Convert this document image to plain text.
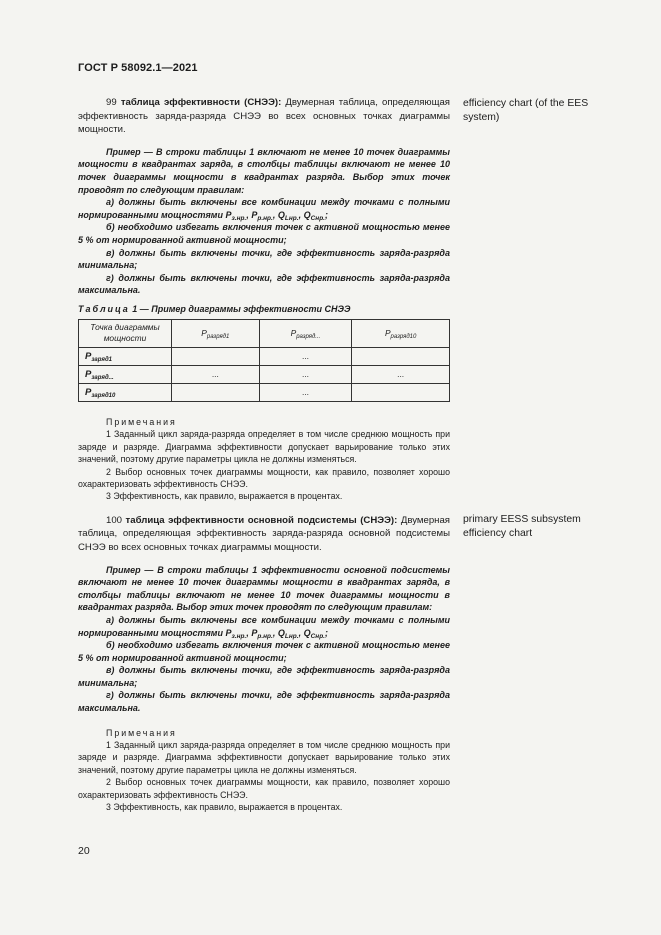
ГОСТ Р 58092.1—2021
efficiency chart (of the EES system)
primary EESS subsystem efficiency chart

99 таблица эффективности (СНЭЭ): Двумерная таблица, определяющая эффективность заряда-разряда СНЭЭ во всех основных точках диаграммы мощности.

Пример — В строки таблицы 1 включают не менее 10 точек диаграммы мощности в квадрантах заряда, в столбцы таблицы включают не менее 10 точек диаграммы мощности в квадрантах разряда. Выбор этих точек проводят по следующим правилам:

а) должны быть включены все комбинации между точками с полными нормированными мощностями $P_{з.нр.}$, $P_{р.нр.}$, $Q_{Lнр.}$, $Q_{Снр.}$;

б) необходимо избегать включения точек с активной мощностью менее 5 % от нормированной активной мощности;

в) должны быть включены точки, где эффективность заряда-разряда минимальна;

г) должны быть включены точки, где эффективность заряда-разряда максимальна.

Таблица 1 — Пример диаграммы эффективности СНЭЭ

Точка диаграммы мощности	$P_{разряд1}$	$P_{разряд...}$	$P_{разряд10}$
$P_{заряд1}$		...	
$P_{заряд...}$	...	...	...
$P_{заряд10}$		...	

Примечания

1 Заданный цикл заряда-разряда определяет в том числе среднюю мощность при заряде и разряде. Диаграмма эффективности допускает варьирование только этих значений, поэтому другие параметры цикла не должны изменяться.

2 Выбор основных точек диаграммы мощности, как правило, позволяет хорошо охарактеризовать эффективность СНЭЭ.

3 Эффективность, как правило, выражается в процентах.

100 таблица эффективности основной подсистемы (СНЭЭ): Двумерная таблица, определяющая эффективность заряда-разряда основной подсистемы СНЭЭ во всех основных точках диаграммы мощности.

Пример — В строки таблицы 1 эффективности основной подсистемы включают не менее 10 точек диаграммы мощности в квадрантах заряда, в столбцы таблицы включают не менее 10 точек диаграммы мощности в квадрантах разряда. Выбор этих точек проводят по следующим правилам:

а) должны быть включены все комбинации между точками с полными нормированными мощностями $P_{з.нр.}$, $P_{р.нр.}$, $Q_{Lнр.}$, $Q_{Снр.}$;

б) необходимо избегать включения точек с активной мощностью менее 5 % от нормированной активной мощности;

в) должны быть включены точки, где эффективность заряда-разряда минимальна;

г) должны быть включены точки, где эффективность заряда-разряда максимальна.

Примечания

1 Заданный цикл заряда-разряда определяет в том числе среднюю мощность при заряде и разряде. Диаграмма эффективности допускает варьирование только этих значений, поэтому другие параметры цикла не должны изменяться.

2 Выбор основных точек диаграммы мощности, как правило, позволяет хорошо охарактеризовать эффективность СНЭЭ.

3 Эффективность, как правило, выражается в процентах.

20
